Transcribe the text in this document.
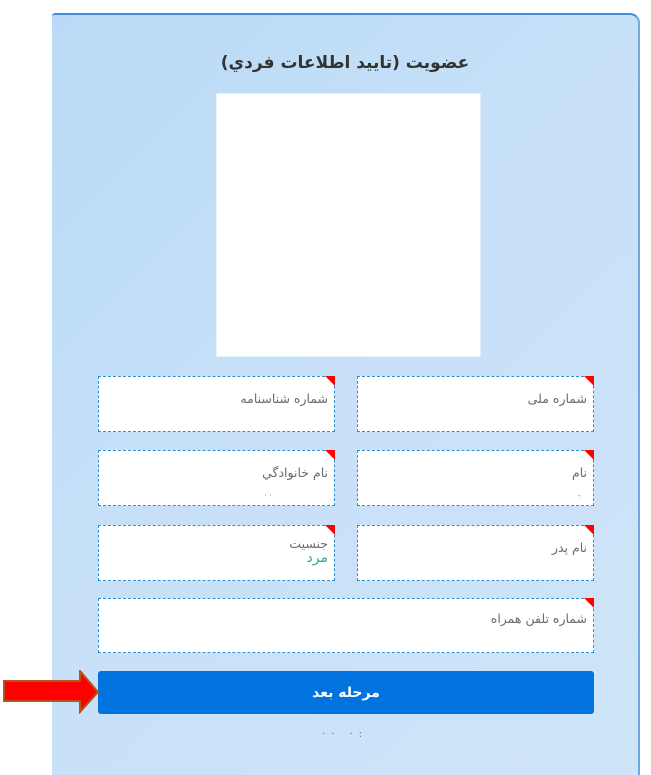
عضويت (تاييد اطلاعات فردي)
شماره ملی
شماره شناسنامه
نام
-
نام خانوادگي
··
نام پدر
جنسيت
مرد
شماره تلفن همراه
مرحله بعد
·· ·:
